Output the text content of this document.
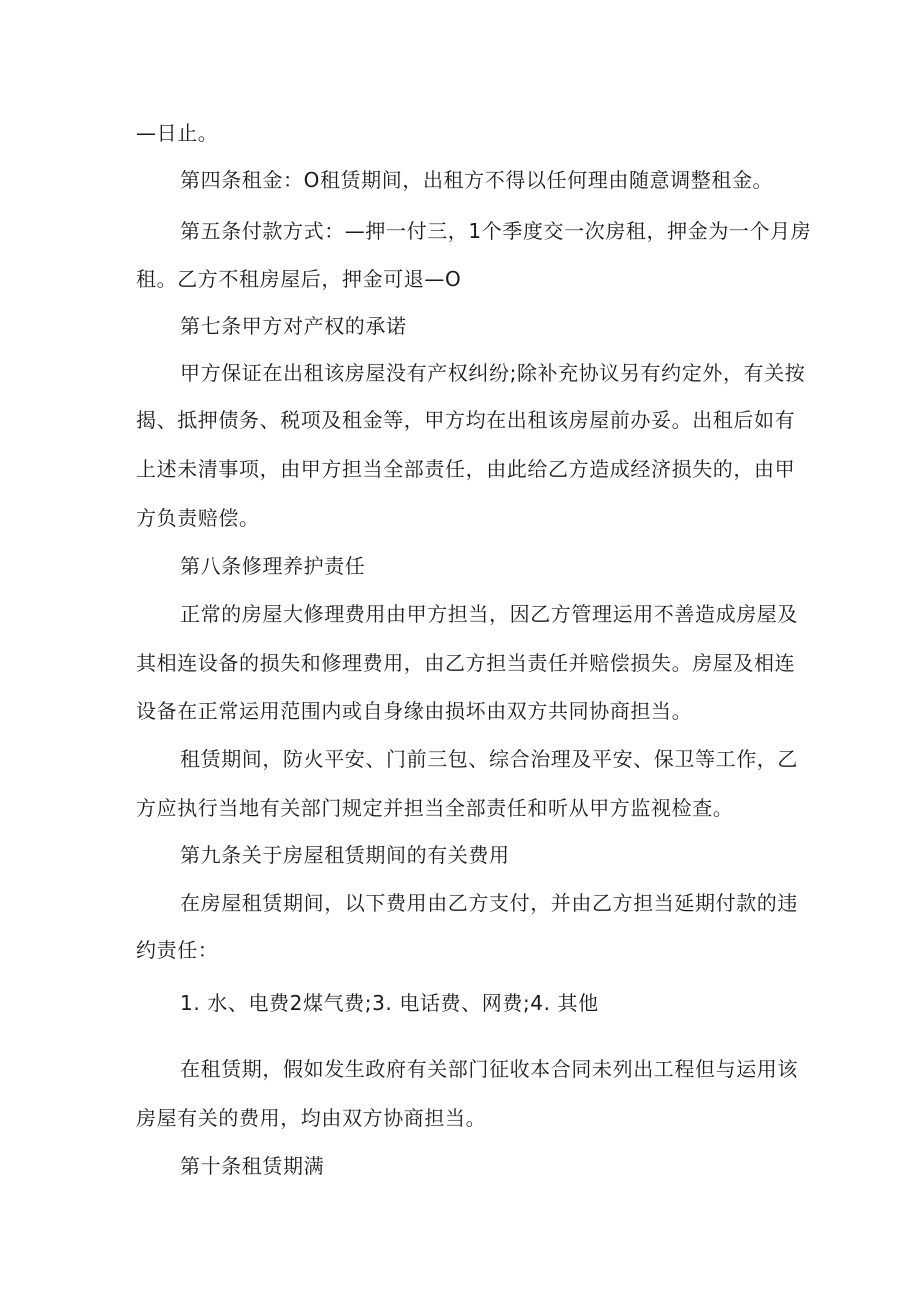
—日止。
第四条租金：O租赁期间，出租方不得以任何理由随意调整租金。
第五条付款方式：—押一付三，1个季度交一次房租，押金为一个月房
租。乙方不租房屋后，押金可退—O
第七条甲方对产权的承诺
甲方保证在出租该房屋没有产权纠纷;除补充协议另有约定外，有关按
揭、抵押债务、税项及租金等，甲方均在出租该房屋前办妥。出租后如有
上述未清事项，由甲方担当全部责任，由此给乙方造成经济损失的，由甲
方负责赔偿。
第八条修理养护责任
正常的房屋大修理费用由甲方担当，因乙方管理运用不善造成房屋及
其相连设备的损失和修理费用，由乙方担当责任并赔偿损失。房屋及相连
设备在正常运用范围内或自身缘由损坏由双方共同协商担当。
租赁期间，防火平安、门前三包、综合治理及平安、保卫等工作，乙
方应执行当地有关部门规定并担当全部责任和听从甲方监视检查。
第九条关于房屋租赁期间的有关费用
在房屋租赁期间，以下费用由乙方支付，并由乙方担当延期付款的违
约责任：
1. 水、电费2煤气费;3. 电话费、网费;4. 其他
在租赁期，假如发生政府有关部门征收本合同未列出工程但与运用该
房屋有关的费用，均由双方协商担当。
第十条租赁期满
